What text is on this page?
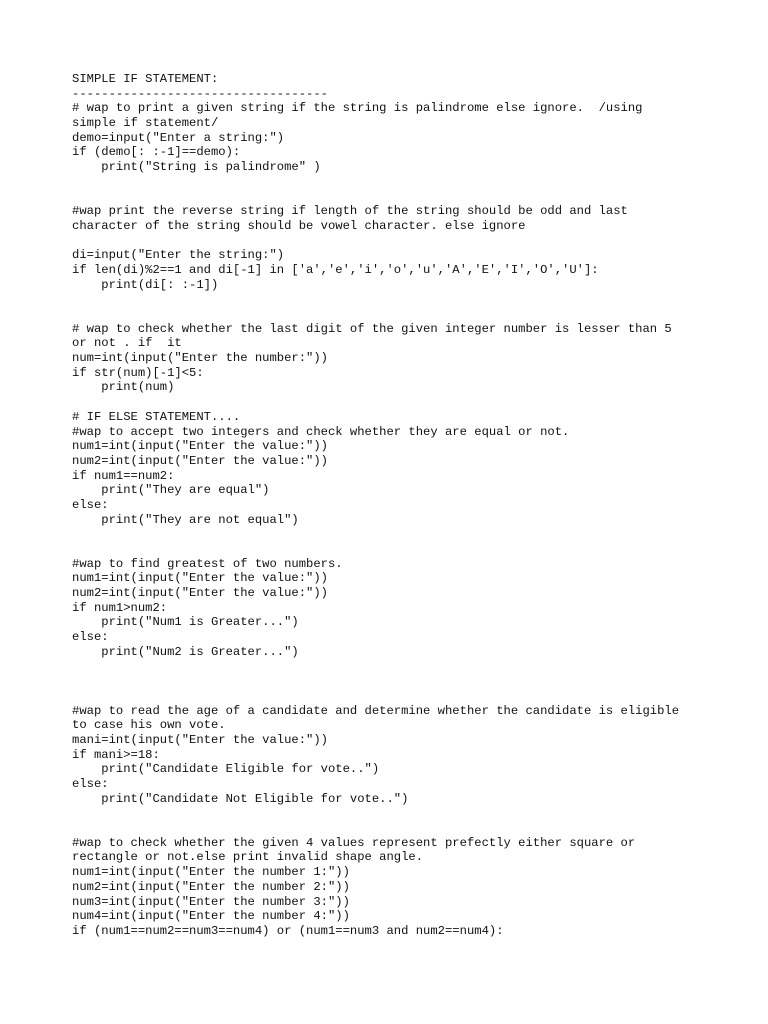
SIMPLE IF STATEMENT:
-----------------------------------
# wap to print a given string if the string is palindrome else ignore.  /using
simple if statement/
demo=input("Enter a string:")
if (demo[: :-1]==demo):
print("String is palindrome" )
#wap print the reverse string if length of the string should be odd and last
character of the string should be vowel character. else ignore
di=input("Enter the string:")
if len(di)%2==1 and di[-1] in ['a','e','i','o','u','A','E','I','O','U']:
print(di[: :-1])
# wap to check whether the last digit of the given integer number is lesser than 5
or not . if  it
num=int(input("Enter the number:"))
if str(num)[-1]<5:
print(num)
# IF ELSE STATEMENT....
#wap to accept two integers and check whether they are equal or not.
num1=int(input("Enter the value:"))
num2=int(input("Enter the value:"))
if num1==num2:
print("They are equal")
else:
print("They are not equal")
#wap to find greatest of two numbers.
num1=int(input("Enter the value:"))
num2=int(input("Enter the value:"))
if num1>num2:
print("Num1 is Greater...")
else:
print("Num2 is Greater...")
#wap to read the age of a candidate and determine whether the candidate is eligible
to case his own vote.
mani=int(input("Enter the value:"))
if mani>=18:
print("Candidate Eligible for vote..")
else:
print("Candidate Not Eligible for vote..")
#wap to check whether the given 4 values represent prefectly either square or
rectangle or not.else print invalid shape angle.
num1=int(input("Enter the number 1:"))
num2=int(input("Enter the number 2:"))
num3=int(input("Enter the number 3:"))
num4=int(input("Enter the number 4:"))
if (num1==num2==num3==num4) or (num1==num3 and num2==num4):
